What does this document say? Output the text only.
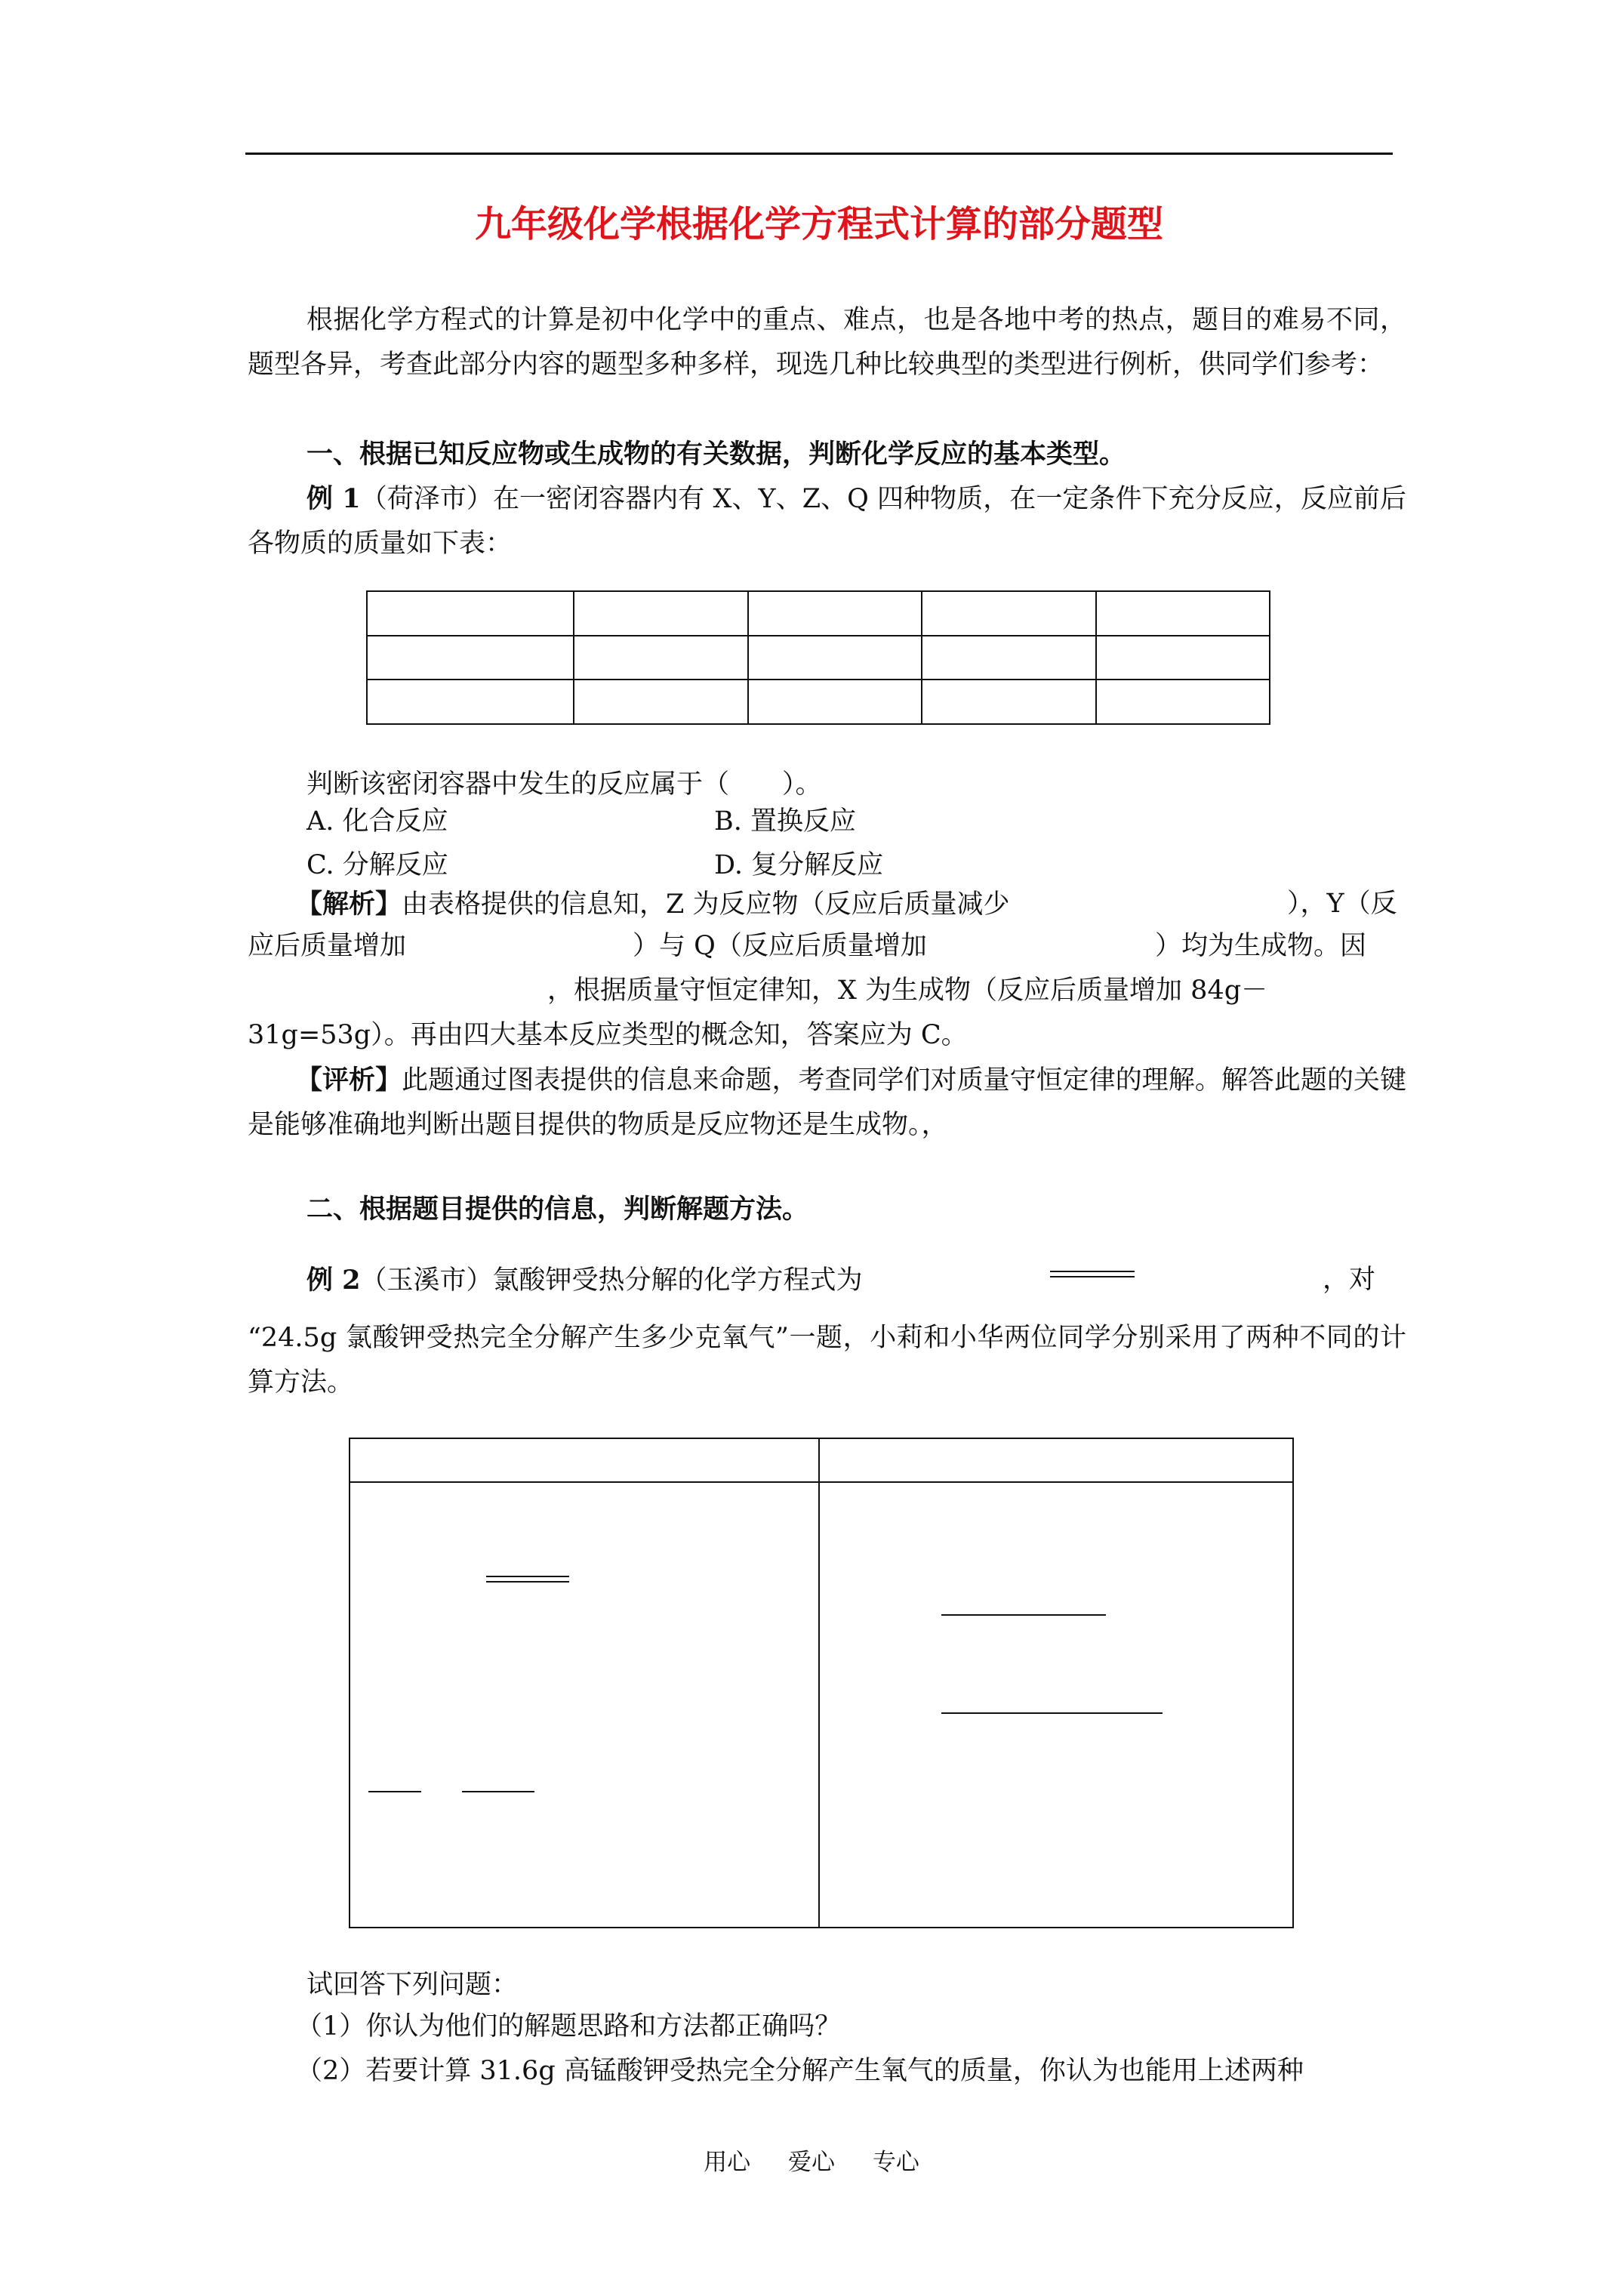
九年级化学根据化学方程式计算的部分题型

根据化学方程式的计算是初中化学中的重点、难点，也是各地中考的热点，题目的难易不同，题型各异，考查此部分内容的题型多种多样，现选几种比较典型的类型进行例析，供同学们参考：

一、根据已知反应物或生成物的有关数据，判断化学反应的基本类型。

例 1（荷泽市）在一密闭容器内有 X、Y、Z、Q 四种物质，在一定条件下充分反应，反应前后各物质的质量如下表：

判断该密闭容器中发生的反应属于（　　）。
A. 化合反应	B. 置换反应
C. 分解反应	D. 复分解反应
【解析】由表格提供的信息知，Z 为反应物（反应后质量减少	），Y（反
应后质量增加	）与 Q（反应后质量增加	）均为生成物。因
，根据质量守恒定律知，X 为生成物（反应后质量增加 84g－
31g=53g）。再由四大基本反应类型的概念知，答案应为 C。

【评析】此题通过图表提供的信息来命题，考查同学们对质量守恒定律的理解。解答此题的关键是能够准确地判断出题目提供的物质是反应物还是生成物。，

二、根据题目提供的信息，判断解题方法。

例 2（玉溪市）氯酸钾受热分解的化学方程式为	，对

“24.5g 氯酸钾受热完全分解产生多少克氧气”一题，小莉和小华两位同学分别采用了两种不同的计算方法。

试回答下列问题：
（1）你认为他们的解题思路和方法都正确吗？
（2）若要计算 31.6g 高锰酸钾受热完全分解产生氧气的质量，你认为也能用上述两种
用心 爱心 专心
